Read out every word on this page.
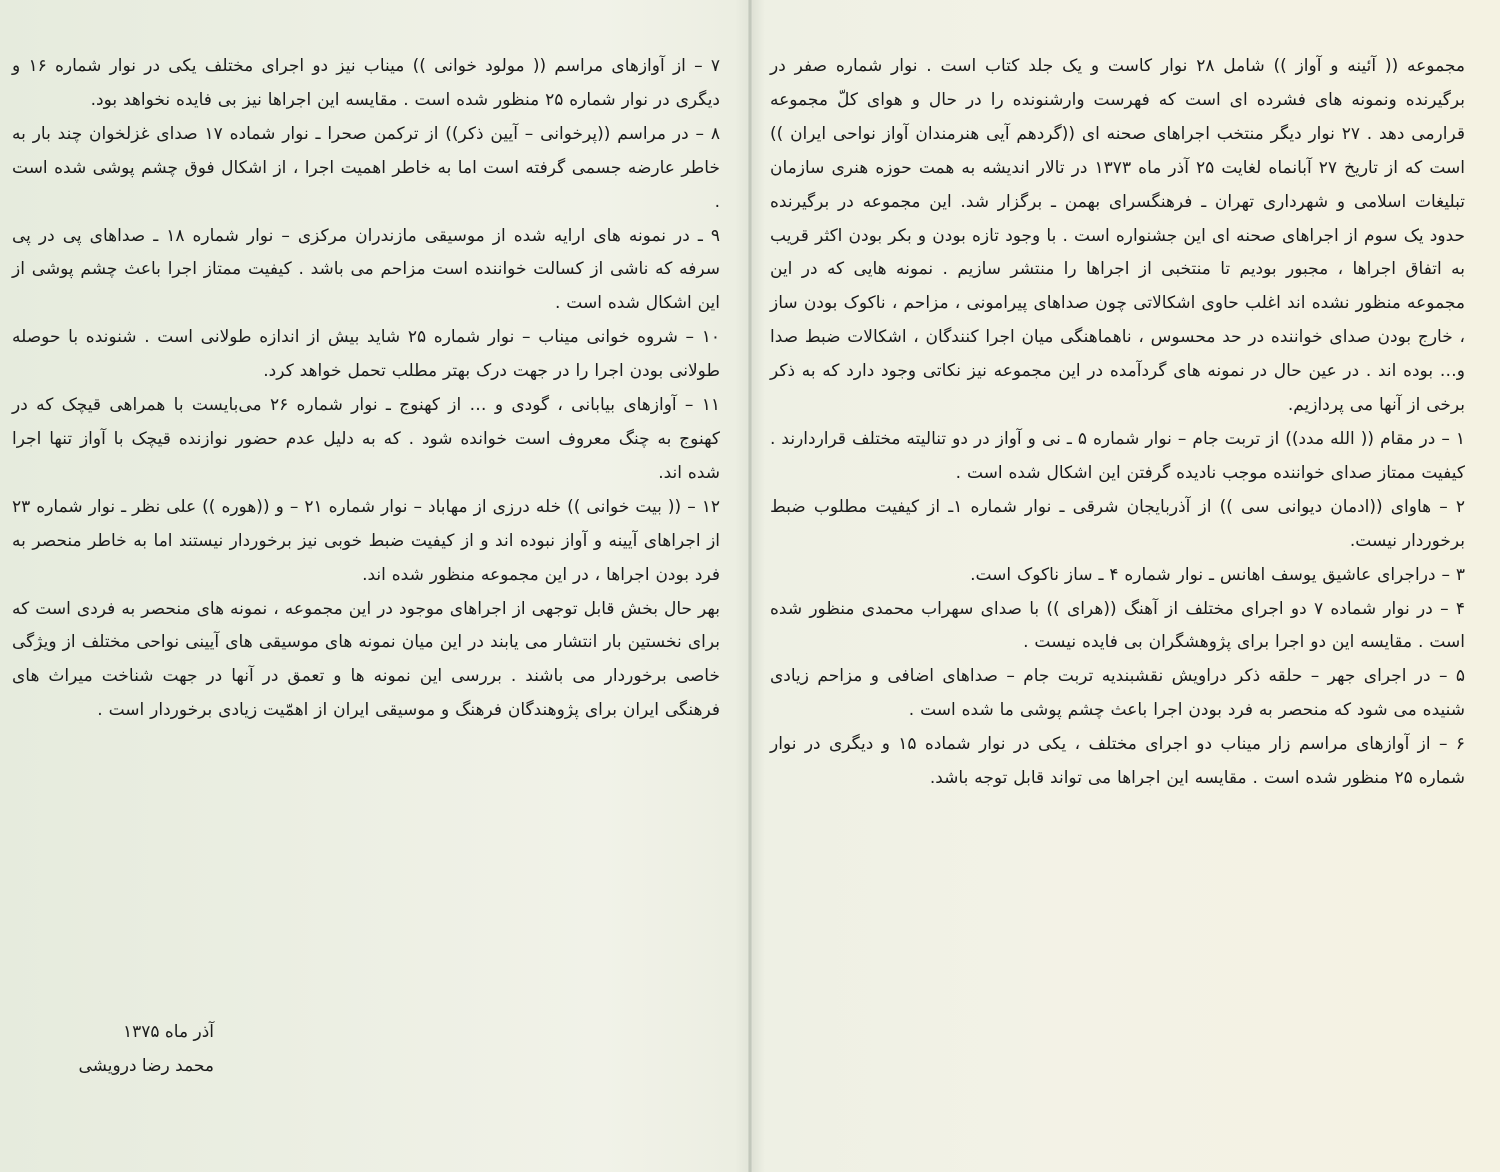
۷ – از آوازهای مراسم (( مولود خوانی )) میناب نیز دو اجرای مختلف یکی در نوار شماره ۱۶ و دیگری در نوار شماره ۲۵ منظور شده است . مقایسه این اجراها نیز بی فایده نخواهد بود.

۸ – در مراسم ((پرخوانی – آیین ذکر)) از ترکمن صحرا ـ نوار شماده ۱۷ صدای غزلخوان چند بار به خاطر عارضه جسمی گرفته است اما به خاطر اهمیت اجرا ، از اشکال فوق چشم پوشی شده است .

۹ ـ در نمونه های ارایه شده از موسیقی مازندران مرکزی – نوار شماره ۱۸ ـ صداهای پی در پی سرفه که ناشی از کسالت خواننده است مزاحم می باشد . کیفیت ممتاز اجرا باعث چشم پوشی از این اشکال شده است .

۱۰ – شروه خوانی میناب – نوار شماره ۲۵ شاید بیش از اندازه طولانی است . شنونده با حوصله طولانی بودن اجرا را در جهت درک بهتر مطلب تحمل خواهد کرد.

۱۱ – آوازهای بیابانی ، گودی و … از کهنوج ـ نوار شماره ۲۶ می‌بایست با همراهی قیچک که در کهنوج به چنگ معروف است خوانده شود . که به دلیل عدم حضور نوازنده قیچک با آواز تنها اجرا شده اند.

۱۲ – (( بیت خوانی )) خله درزی از مهاباد – نوار شماره ۲۱ – و ((هوره )) علی نظر ـ نوار شماره ۲۳ از اجراهای آیینه و آواز نبوده اند و از کیفیت ضبط خوبی نیز برخوردار نیستند اما به خاطر منحصر به فرد بودن اجراها ، در این مجموعه منظور شده اند.

بهر حال بخش قابل توجهی از اجراهای موجود در این مجموعه ، نمونه های منحصر به فردی است که برای نخستین بار انتشار می یابند در این میان نمونه های موسیقی های آیینی نواحی مختلف از ویژگی خاصی برخوردار می باشند . بررسی این نمونه ها و تعمق در آنها در جهت شناخت میراث های فرهنگی ایران برای پژوهندگان فرهنگ و موسیقی ایران از اهمّیت زیادی برخوردار است .

آذر ماه ۱۳۷۵
محمد رضا درویشی

مجموعه (( آئینه و آواز )) شامل ۲۸ نوار کاست و یک جلد کتاب است . نوار شماره صفر در برگیرنده ونمونه های فشرده ای است که فهرست وارشنونده را در حال و هوای کلّ مجموعه قرارمی دهد . ۲۷ نوار دیگر منتخب اجراهای صحنه ای ((گردهم آیی هنرمندان آواز نواحی ایران )) است که از تاریخ ۲۷ آبانماه لغایت ۲۵ آذر ماه ۱۳۷۳ در تالار اندیشه به همت حوزه هنری سازمان تبلیغات اسلامی و شهرداری تهران ـ فرهنگسرای بهمن ـ برگزار شد. این مجموعه در برگیرنده حدود یک سوم از اجراهای صحنه ای این جشنواره است . با وجود تازه بودن و بکر بودن اکثر قریب به اتفاق اجراها ، مجبور بودیم تا منتخبی از اجراها را منتشر سازیم . نمونه هایی که در این مجموعه منظور نشده اند اغلب حاوی اشکالاتی چون صداهای پیرامونی ، مزاحم ، ناکوک بودن ساز ، خارج بودن صدای خواننده در حد محسوس ، ناهماهنگی میان اجرا کنندگان ، اشکالات ضبط صدا و… بوده اند . در عین حال در نمونه های گردآمده در این مجموعه نیز نکاتی وجود دارد که به ذکر برخی از آنها می پردازیم.

۱ – در مقام (( الله مدد)) از تربت جام – نوار شماره ۵ ـ نی و آواز در دو تنالیته مختلف قراردارند . کیفیت ممتاز صدای خواننده موجب نادیده گرفتن این اشکال شده است .

۲ – هاوای ((ادمان دیوانی سی )) از آذربایجان شرقی ـ نوار شماره ۱ـ از کیفیت مطلوب ضبط برخوردار نیست.

۳ – دراجرای عاشیق یوسف اهانس ـ نوار شماره ۴ ـ ساز ناکوک است.

۴ – در نوار شماده ۷ دو اجرای مختلف از آهنگ ((هرای )) با صدای سهراب محمدی منظور شده است . مقایسه این دو اجرا برای پژوهشگران بی فایده نیست .

۵ – در اجرای جهر – حلقه ذکر دراویش نقشبندیه تربت جام – صداهای اضافی و مزاحم زیادی شنیده می شود که منحصر به فرد بودن اجرا باعث چشم پوشی ما شده است .

۶ – از آوازهای مراسم زار میناب دو اجرای مختلف ، یکی در نوار شماده ۱۵ و دیگری در نوار شماره ۲۵ منظور شده است . مقایسه این اجراها می تواند قابل توجه باشد.
